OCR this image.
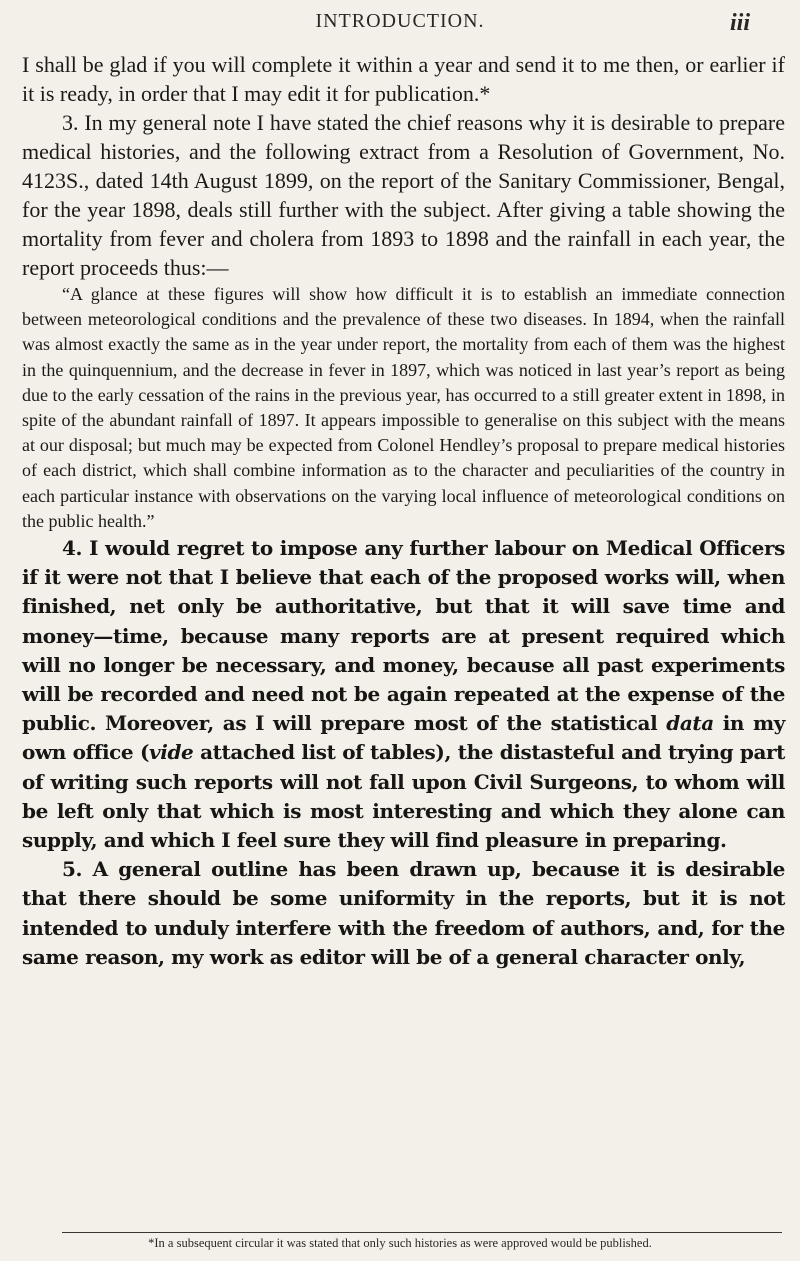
INTRODUCTION.	iii

I shall be glad if you will complete it within a year and send it to me then, or earlier if it is ready, in order that I may edit it for publication.*

3. In my general note I have stated the chief reasons why it is desirable to prepare medical histories, and the following extract from a Resolution of Government, No. 4123S., dated 14th August 1899, on the report of the Sanitary Commissioner, Bengal, for the year 1898, deals still further with the subject. After giving a table showing the mortality from fever and cholera from 1893 to 1898 and the rainfall in each year, the report proceeds thus:—

“A glance at these figures will show how difficult it is to establish an immediate connection between meteorological conditions and the prevalence of these two diseases. In 1894, when the rainfall was almost exactly the same as in the year under report, the mortality from each of them was the highest in the quinquennium, and the decrease in fever in 1897, which was noticed in last year’s report as being due to the early cessation of the rains in the previous year, has occurred to a still greater extent in 1898, in spite of the abundant rainfall of 1897. It appears impossible to generalise on this subject with the means at our disposal; but much may be expected from Colonel Hendley’s proposal to prepare medical histories of each district, which shall combine information as to the character and peculiarities of the country in each particular instance with observations on the varying local influence of meteorological conditions on the public health.”

4. I would regret to impose any further labour on Medical Officers if it were not that I believe that each of the proposed works will, when finished, net only be authoritative, but that it will save time and money—time, because many reports are at present required which will no longer be necessary, and money, because all past experiments will be recorded and need not be again repeated at the expense of the public. Moreover, as I will prepare most of the statistical data in my own office (vide attached list of tables), the distasteful and trying part of writing such reports will not fall upon Civil Surgeons, to whom will be left only that which is most interesting and which they alone can supply, and which I feel sure they will find pleasure in preparing.

5. A general outline has been drawn up, because it is desirable that there should be some uniformity in the reports, but it is not intended to unduly interfere with the freedom of authors, and, for the same reason, my work as editor will be of a general character only,

*In a subsequent circular it was stated that only such histories as were approved would be published.
